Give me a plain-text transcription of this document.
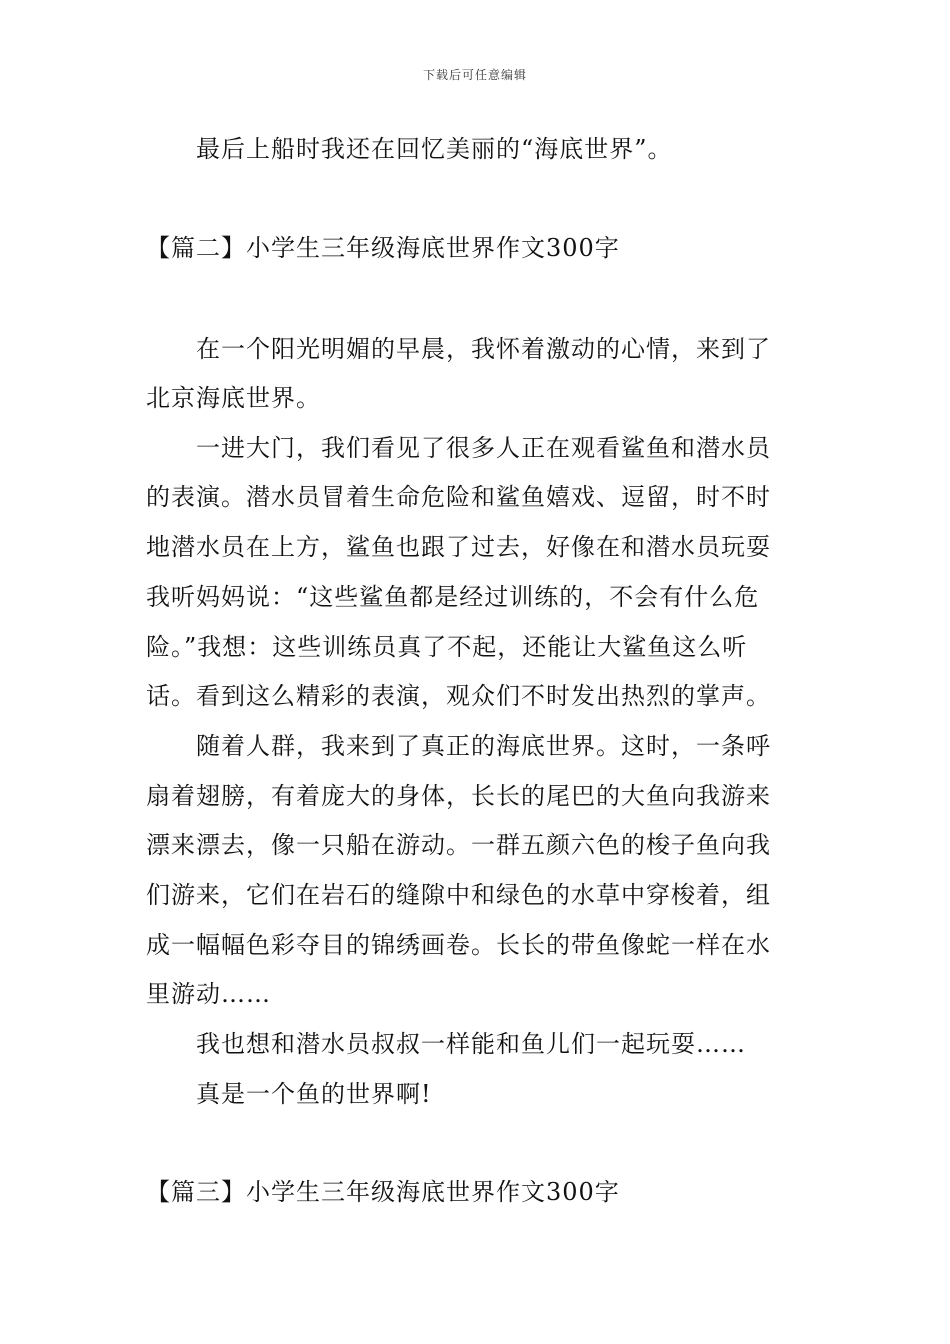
下载后可任意编辑
最后上船时我还在回忆美丽的“海底世界”。
【篇二】小学生三年级海底世界作文300字
在一个阳光明媚的早晨，我怀着激动的心情，来到了
北京海底世界。
一进大门，我们看见了很多人正在观看鲨鱼和潜水员
的表演。潜水员冒着生命危险和鲨鱼嬉戏、逗留，时不时
地潜水员在上方，鲨鱼也跟了过去，好像在和潜水员玩耍
我听妈妈说：“这些鲨鱼都是经过训练的，不会有什么危
险。”我想：这些训练员真了不起，还能让大鲨鱼这么听
话。看到这么精彩的表演，观众们不时发出热烈的掌声。
随着人群，我来到了真正的海底世界。这时，一条呼
扇着翅膀，有着庞大的身体，长长的尾巴的大鱼向我游来
漂来漂去，像一只船在游动。一群五颜六色的梭子鱼向我
们游来，它们在岩石的缝隙中和绿色的水草中穿梭着，组
成一幅幅色彩夺目的锦绣画卷。长长的带鱼像蛇一样在水
里游动……
我也想和潜水员叔叔一样能和鱼儿们一起玩耍……
真是一个鱼的世界啊!
【篇三】小学生三年级海底世界作文300字
